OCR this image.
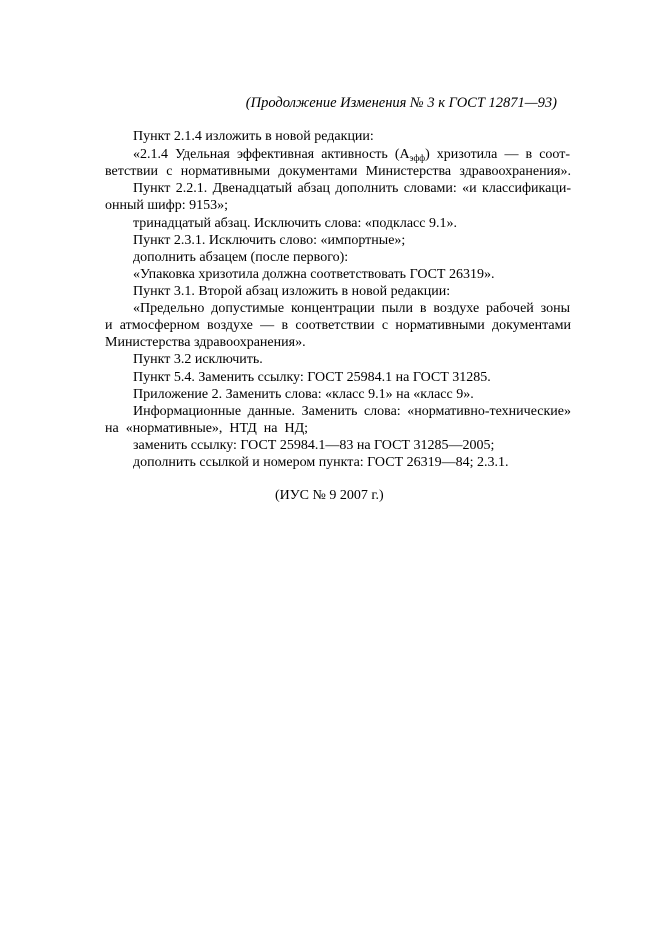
(Продолжение Изменения № 3 к ГОСТ 12871—93)
Пункт 2.1.4 изложить в новой редакции:
«2.1.4 Удельная эффективная активность $(А_{эфф})$ хризотила — в соот-
ветствии с нормативными документами Министерства здравоохранения».
Пункт 2.2.1. Двенадцатый абзац дополнить словами: «и классификаци-
онный шифр: 9153»;
тринадцатый абзац. Исключить слова: «подкласс 9.1».
Пункт 2.3.1. Исключить слово: «импортные»;
дополнить абзацем (после первого):
«Упаковка хризотила должна соответствовать ГОСТ 26319».
Пункт 3.1. Второй абзац изложить в новой редакции:
«Предельно допустимые концентрации пыли в воздухе рабочей зоны
и атмосферном воздухе — в соответствии с нормативными документами
Министерства здравоохранения».
Пункт 3.2 исключить.
Пункт 5.4. Заменить ссылку: ГОСТ 25984.1 на ГОСТ 31285.
Приложение 2. Заменить слова: «класс 9.1» на «класс 9».
Информационные данные. Заменить слова: «нормативно-технические»
на  «нормативные»,  НТД  на  НД;
заменить ссылку: ГОСТ 25984.1—83 на ГОСТ 31285—2005;
дополнить ссылкой и номером пункта: ГОСТ 26319—84; 2.3.1.
(ИУС № 9 2007 г.)
